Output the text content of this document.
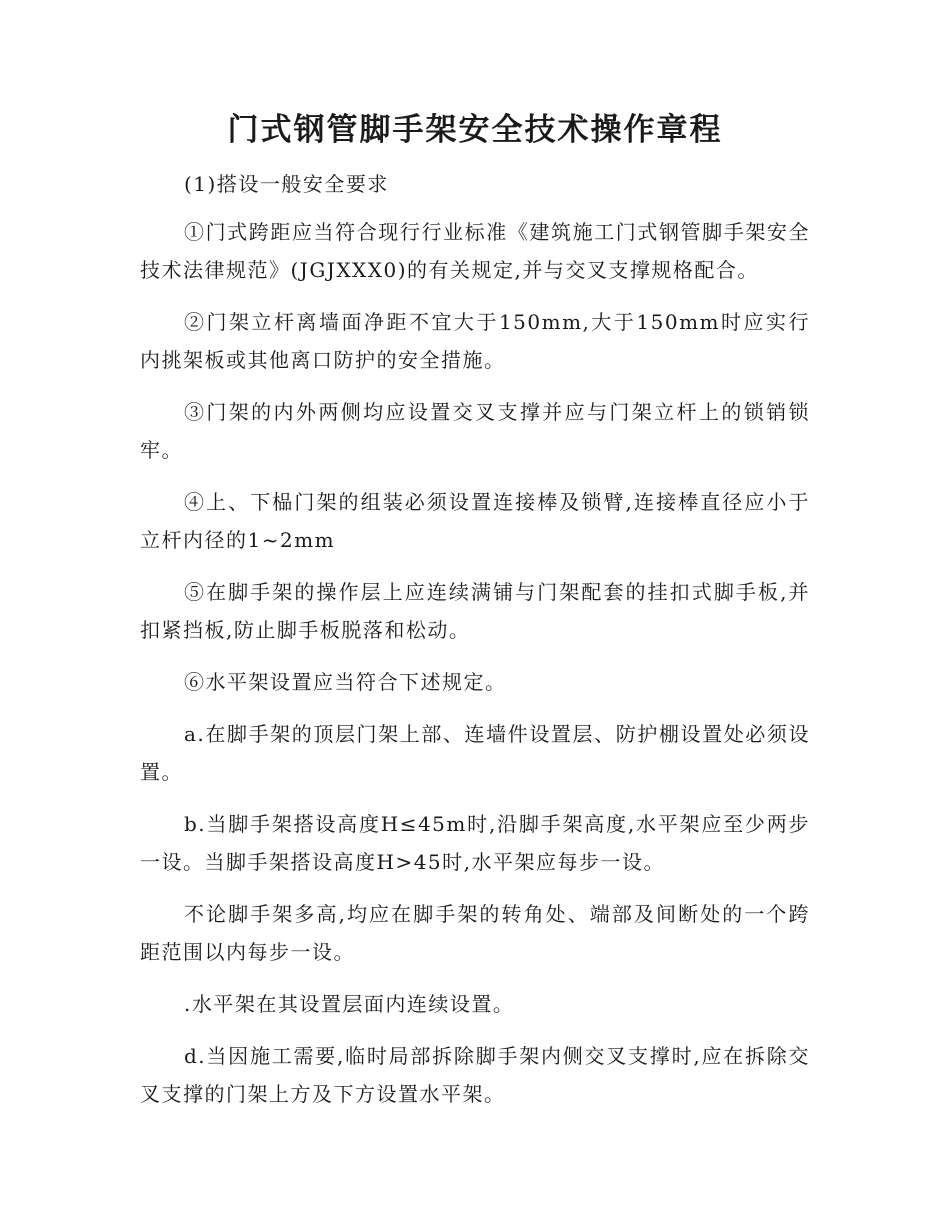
门式钢管脚手架安全技术操作章程

(1)搭设一般安全要求

①门式跨距应当符合现行行业标准《建筑施工门式钢管脚手架安全技术法律规范》(JGJXXX0)的有关规定,并与交叉支撑规格配合。

②门架立杆离墙面净距不宜大于150mm,大于150mm时应实行内挑架板或其他离口防护的安全措施。

③门架的内外两侧均应设置交叉支撑并应与门架立杆上的锁销锁牢。

④上、下榀门架的组装必须设置连接棒及锁臂,连接棒直径应小于立杆内径的1~2mm

⑤在脚手架的操作层上应连续满铺与门架配套的挂扣式脚手板,并扣紧挡板,防止脚手板脱落和松动。

⑥水平架设置应当符合下述规定。

a.在脚手架的顶层门架上部、连墙件设置层、防护棚设置处必须设置。

b.当脚手架搭设高度H≤45m时,沿脚手架高度,水平架应至少两步一设。当脚手架搭设高度H>45时,水平架应每步一设。

不论脚手架多高,均应在脚手架的转角处、端部及间断处的一个跨距范围以内每步一设。

.水平架在其设置层面内连续设置。

d.当因施工需要,临时局部拆除脚手架内侧交叉支撑时,应在拆除交叉支撑的门架上方及下方设置水平架。
